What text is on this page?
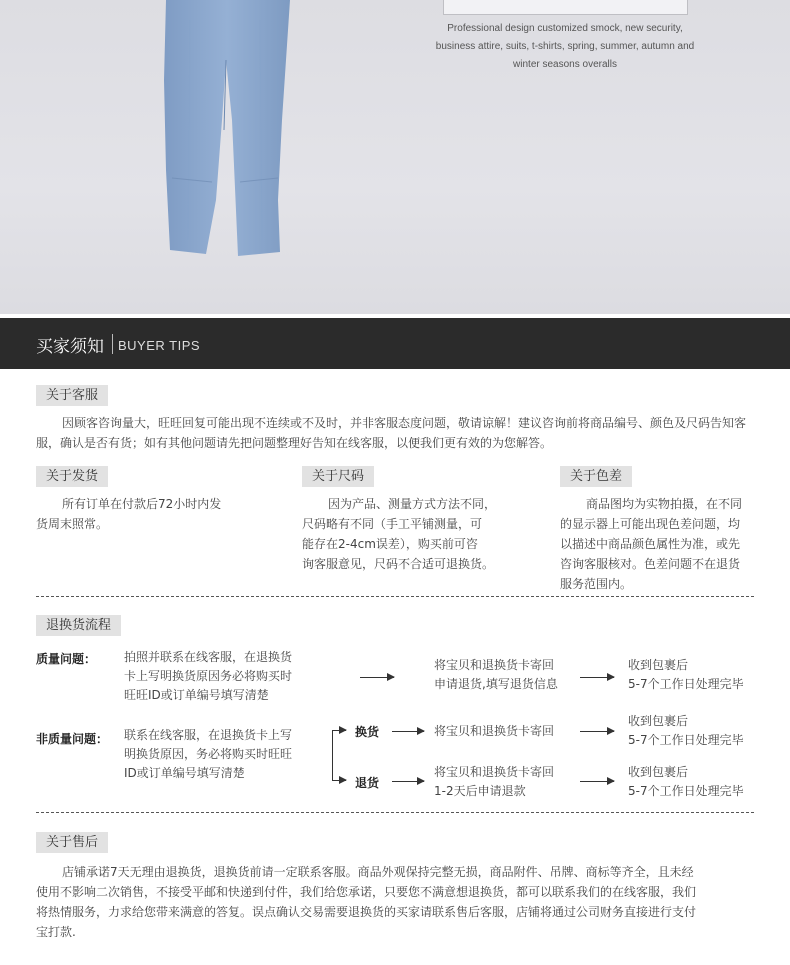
Professional design customized smock, new security,
business attire, suits, t-shirts, spring, summer, autumn and
winter seasons overalls
买家须知 BUYER TIPS
关于客服

因顾客咨询量大，旺旺回复可能出现不连续或不及时，并非客服态度问题，敬请谅解！建议咨询前将商品编号、颜色及尺码告知客服，确认是否有货；如有其他问题请先把问题整理好告知在线客服，以便我们更有效的为您解答。

关于发货
所有订单在付款后72小时内发
货周末照常。
关于尺码
因为产品、测量方式方法不同，
尺码略有不同（手工平铺测量，可
能存在2-4cm误差），购买前可咨
询客服意见，尺码不合适可退换货。
关于色差
商品图均为实物拍摄，在不同
的显示器上可能出现色差问题，均
以描述中商品颜色属性为准，或先
咨询客服核对。色差问题不在退货
服务范围内。
退换货流程
质量问题： 拍照并联系在线客服，在退换货
卡上写明换货原因务必将购买时
旺旺ID或订单编号填写清楚
将宝贝和退换货卡寄回
申请退货,填写退货信息
收到包裹后
5-7个工作日处理完毕
非质量问题： 联系在线客服，在退换货卡上写
明换货原因，务必将购买时旺旺
ID或订单编号填写清楚
换货	将宝贝和退换货卡寄回
收到包裹后
5-7个工作日处理完毕
退货
将宝贝和退换货卡寄回
1-2天后申请退款
收到包裹后
5-7个工作日处理完毕
关于售后
店铺承诺7天无理由退换货，退换货前请一定联系客服。商品外观保持完整无损，商品附件、吊牌、商标等齐全，且未经
使用不影响二次销售，不接受平邮和快递到付件，我们给您承诺，只要您不满意想退换货，都可以联系我们的在线客服，我们
将热情服务，力求给您带来满意的答复。误点确认交易需要退换货的买家请联系售后客服，店铺将通过公司财务直接进行支付
宝打款.
